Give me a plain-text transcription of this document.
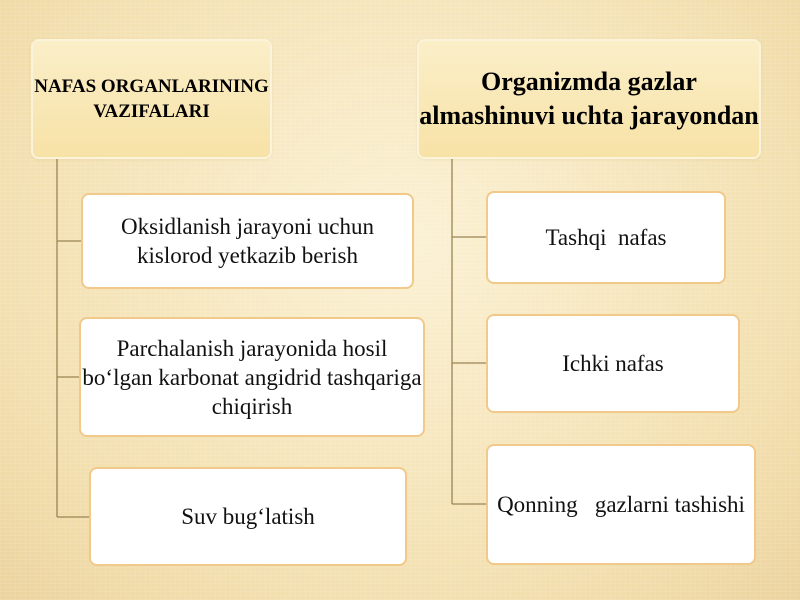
NAFAS ORGANLARINING VAZIFALARI
Organizmda gazlar almashinuvi uchta jarayondan
Oksidlanish jarayoni uchun kislorod yetkazib berish
Parchalanish jarayonida hosil bo‘lgan karbonat angidrid tashqariga chiqirish
Suv bug‘latish
Tashqi  nafas
Ichki nafas
Qonning   gazlarni tashishi
